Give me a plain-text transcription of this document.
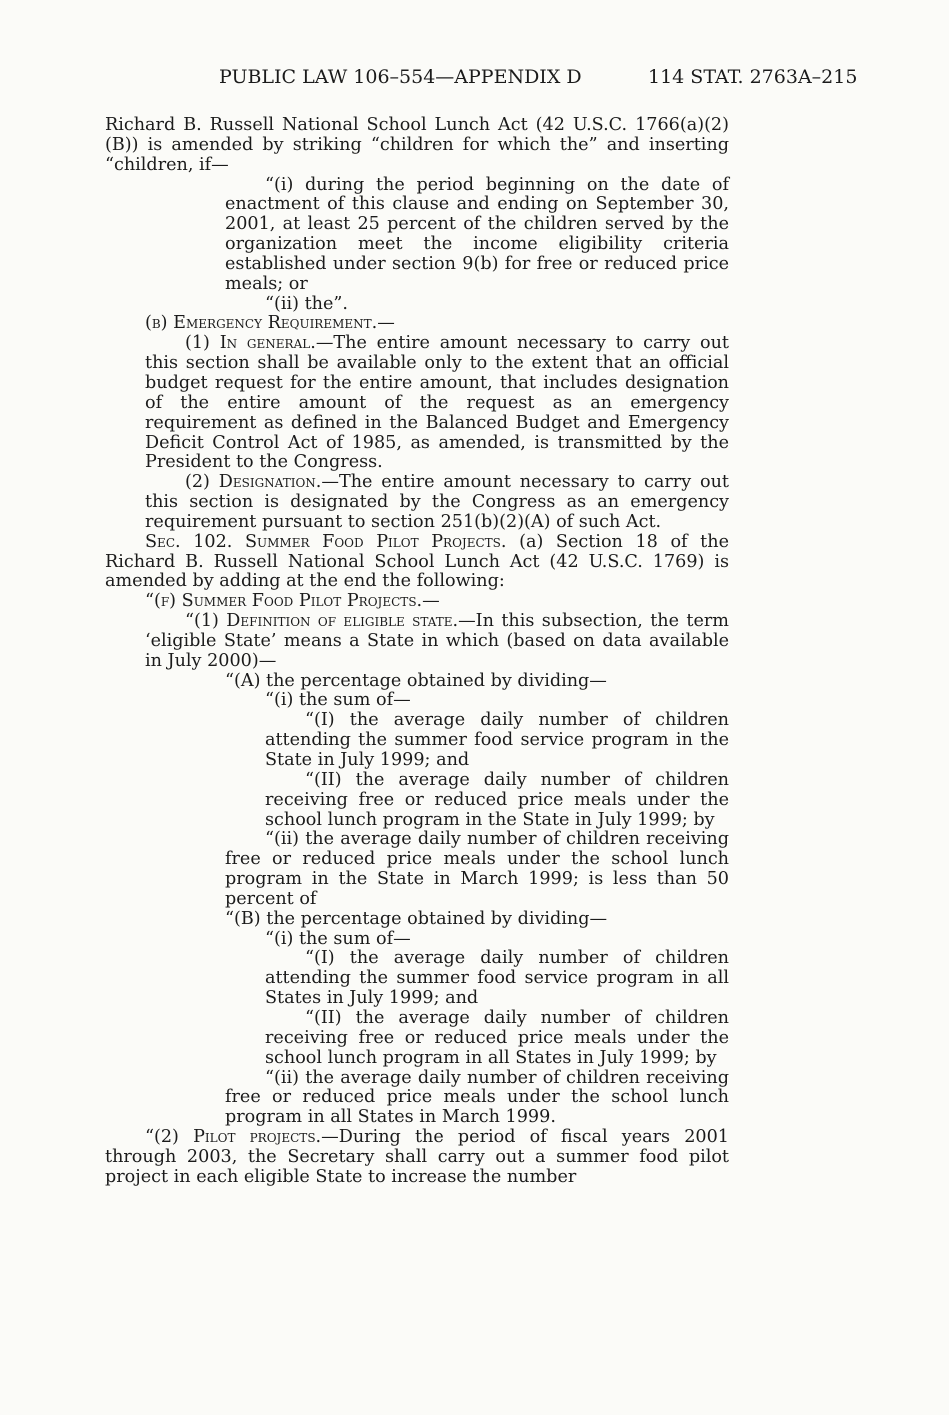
PUBLIC LAW 106–554—APPENDIX D	114 STAT. 2763A–215

Richard B. Russell National School Lunch Act (42 U.S.C. 1766(a)(2)(B)) is amended by striking “children for which the” and inserting “children, if—

“(i) during the period beginning on the date of enactment of this clause and ending on September 30, 2001, at least 25 percent of the children served by the organization meet the income eligibility criteria established under section 9(b) for free or reduced price meals; or

“(ii) the”.

(b) Emergency Requirement.—

(1) In general.—The entire amount necessary to carry out this section shall be available only to the extent that an official budget request for the entire amount, that includes designation of the entire amount of the request as an emergency requirement as defined in the Balanced Budget and Emergency Deficit Control Act of 1985, as amended, is transmitted by the President to the Congress.

(2) Designation.—The entire amount necessary to carry out this section is designated by the Congress as an emergency requirement pursuant to section 251(b)(2)(A) of such Act.

Sec. 102. Summer Food Pilot Projects. (a) Section 18 of the Richard B. Russell National School Lunch Act (42 U.S.C. 1769) is amended by adding at the end the following:

“(f) Summer Food Pilot Projects.—

“(1) Definition of eligible state.—In this subsection, the term ‘eligible State’ means a State in which (based on data available in July 2000)—

“(A) the percentage obtained by dividing—

“(i) the sum of—

“(I) the average daily number of children attending the summer food service program in the State in July 1999; and

“(II) the average daily number of children receiving free or reduced price meals under the school lunch program in the State in July 1999; by

“(ii) the average daily number of children receiving free or reduced price meals under the school lunch program in the State in March 1999; is less than 50 percent of

“(B) the percentage obtained by dividing—

“(i) the sum of—

“(I) the average daily number of children attending the summer food service program in all States in July 1999; and

“(II) the average daily number of children receiving free or reduced price meals under the school lunch program in all States in July 1999; by

“(ii) the average daily number of children receiving free or reduced price meals under the school lunch program in all States in March 1999.

“(2) Pilot projects.—During the period of fiscal years 2001 through 2003, the Secretary shall carry out a summer food pilot project in each eligible State to increase the number
